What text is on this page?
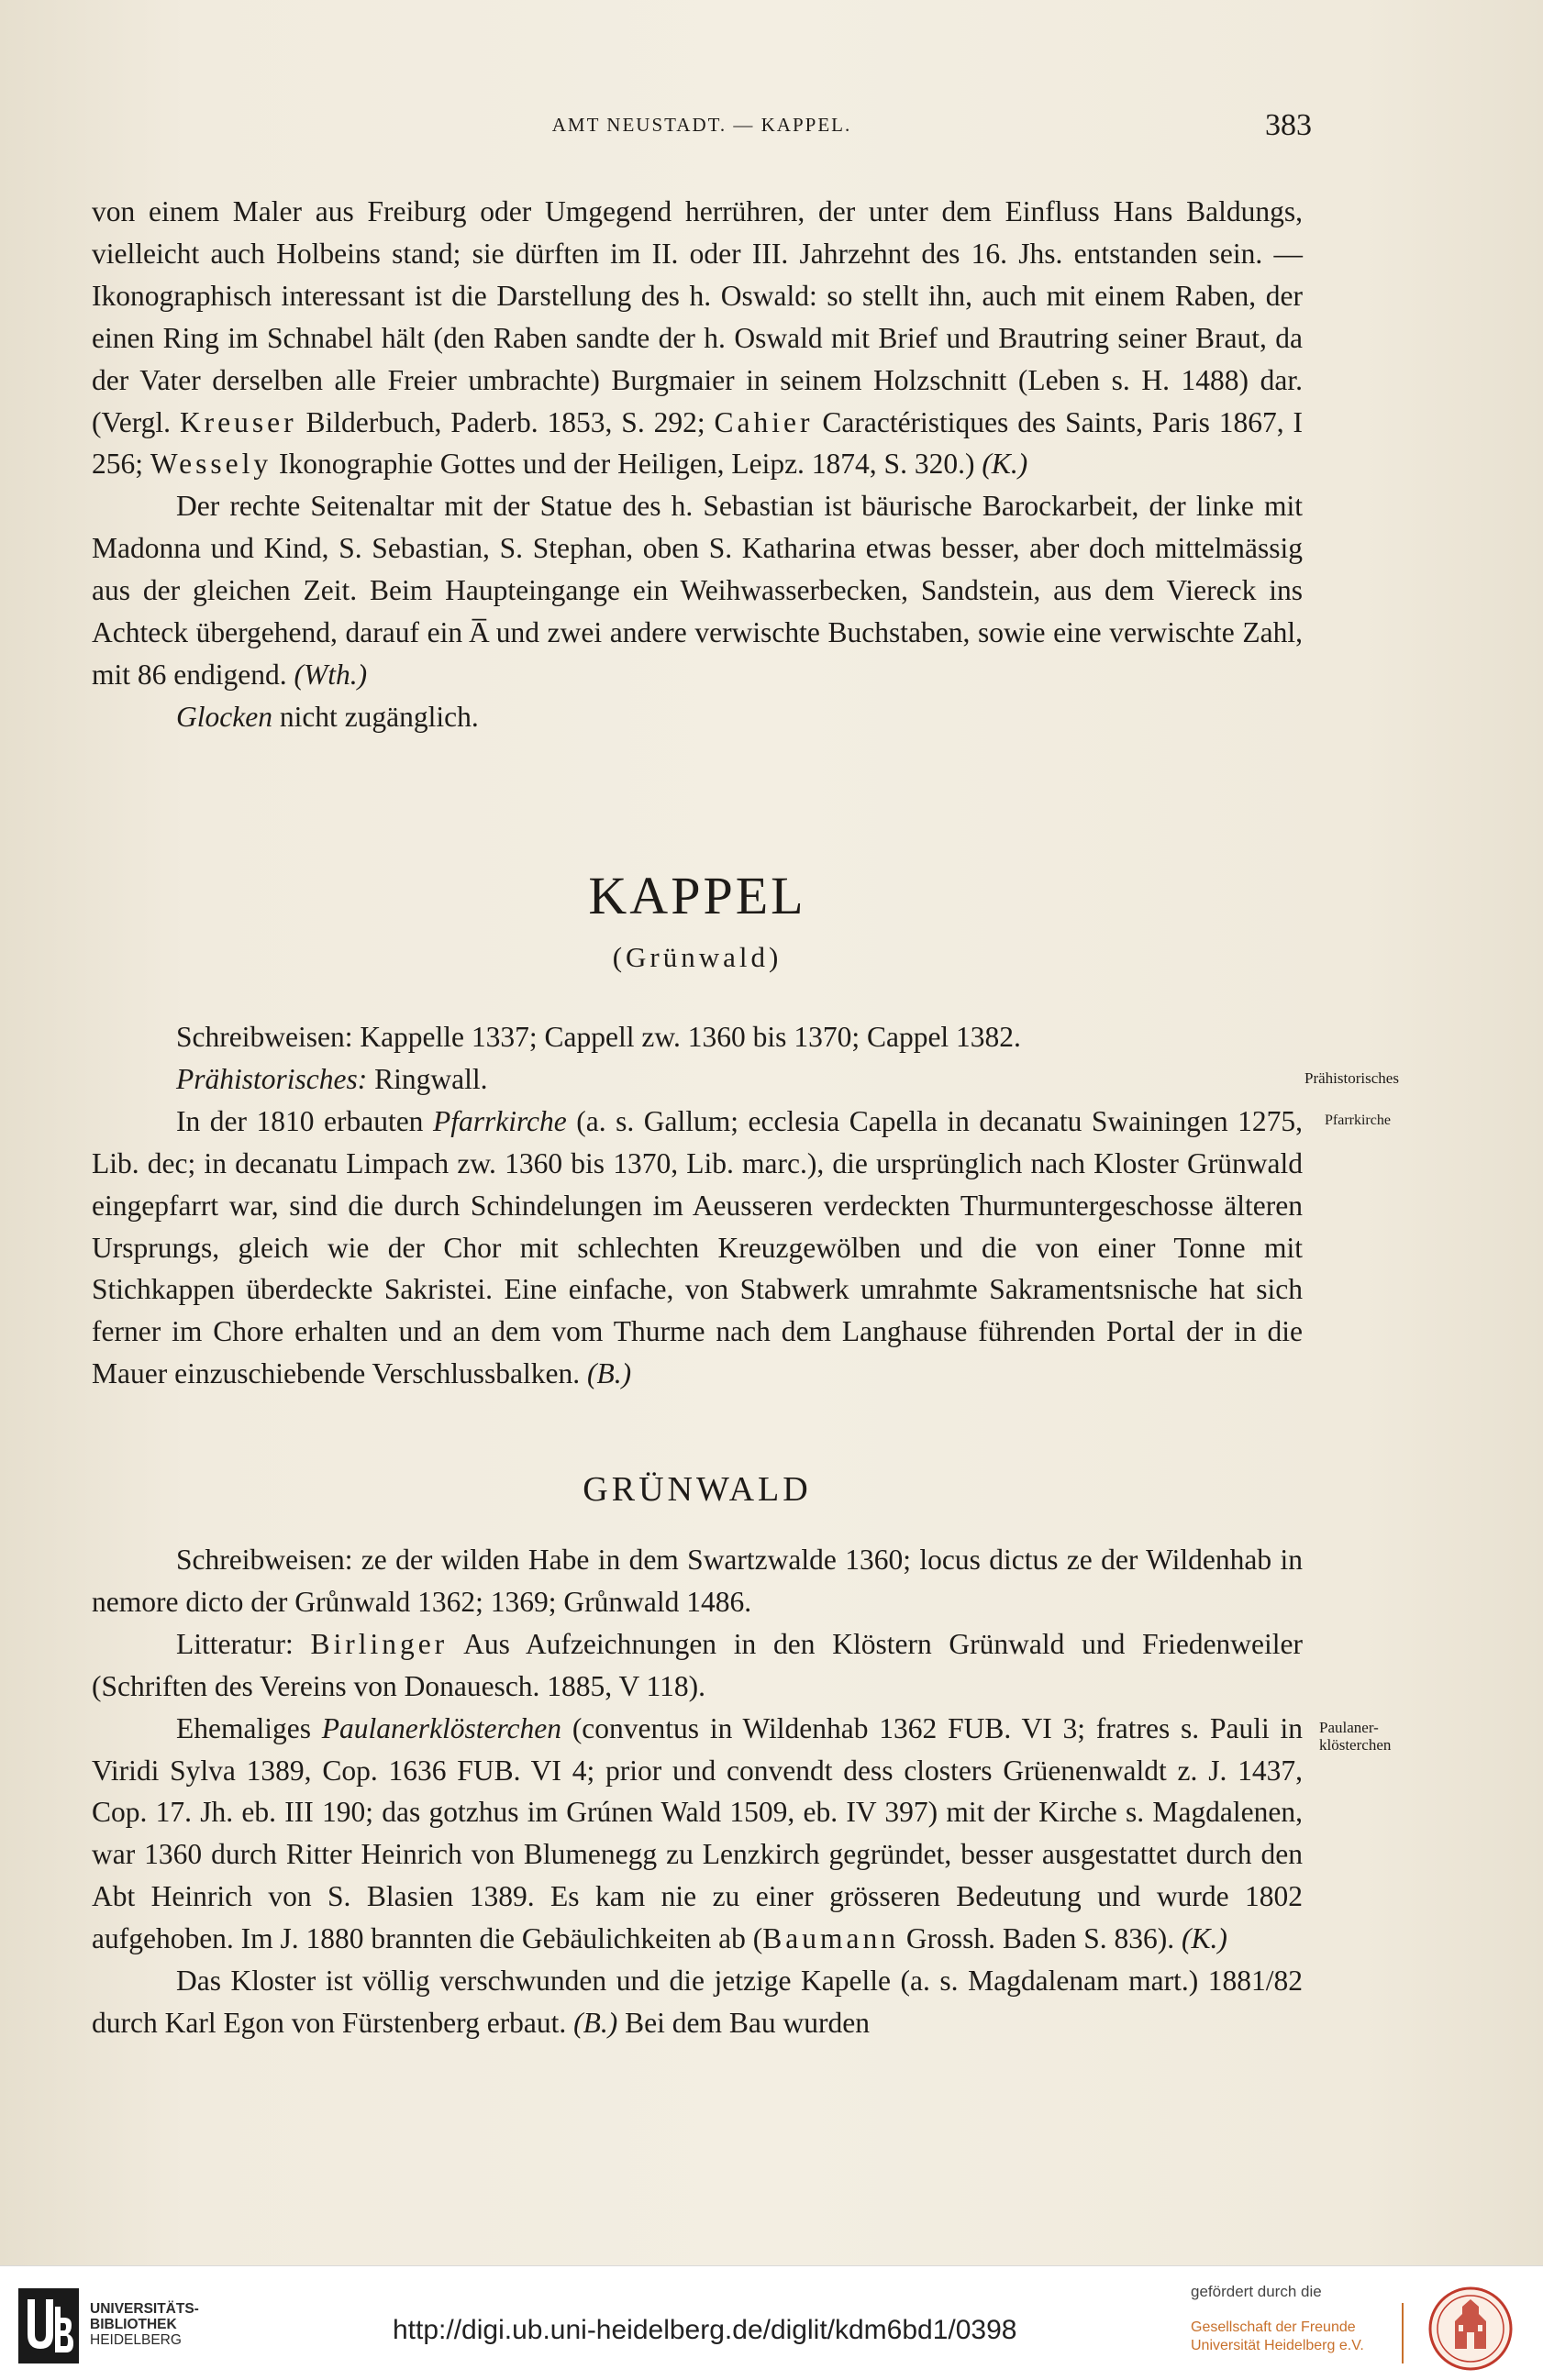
AMT NEUSTADT. — KAPPEL.	383

von einem Maler aus Freiburg oder Umgegend herrühren, der unter dem Einfluss Hans Baldungs, vielleicht auch Holbeins stand; sie dürften im II. oder III. Jahrzehnt des 16. Jhs. entstanden sein. — Ikonographisch interessant ist die Darstellung des h. Oswald: so stellt ihn, auch mit einem Raben, der einen Ring im Schnabel hält (den Raben sandte der h. Oswald mit Brief und Brautring seiner Braut, da der Vater derselben alle Freier umbrachte) Burgmaier in seinem Holzschnitt (Leben s. H. 1488) dar. (Vergl. Kreuser Bilderbuch, Paderb. 1853, S. 292; Cahier Caractéristiques des Saints, Paris 1867, I 256; Wessely Ikonographie Gottes und der Heiligen, Leipz. 1874, S. 320.) (K.)

Der rechte Seitenaltar mit der Statue des h. Sebastian ist bäurische Barockarbeit, der linke mit Madonna und Kind, S. Sebastian, S. Stephan, oben S. Katharina etwas besser, aber doch mittelmässig aus der gleichen Zeit. Beim Haupteingange ein Weihwasserbecken, Sandstein, aus dem Viereck ins Achteck übergehend, darauf ein A̅ und zwei andere verwischte Buchstaben, sowie eine verwischte Zahl, mit 86 endigend. (Wth.)

Glocken nicht zugänglich.

KAPPEL
(Grünwald)

Schreibweisen: Kappelle 1337; Cappell zw. 1360 bis 1370; Cappel 1382.

Prähistorisches: Ringwall.

In der 1810 erbauten Pfarrkirche (a. s. Gallum; ecclesia Capella in decanatu Swainingen 1275, Lib. dec; in decanatu Limpach zw. 1360 bis 1370, Lib. marc.), die ursprünglich nach Kloster Grünwald eingepfarrt war, sind die durch Schindelungen im Aeusseren verdeckten Thurmuntergeschosse älteren Ursprungs, gleich wie der Chor mit schlechten Kreuzgewölben und die von einer Tonne mit Stichkappen überdeckte Sakristei. Eine einfache, von Stabwerk umrahmte Sakramentsnische hat sich ferner im Chore erhalten und an dem vom Thurme nach dem Langhause führenden Portal der in die Mauer einzuschiebende Verschlussbalken. (B.)

GRÜNWALD

Schreibweisen: ze der wilden Habe in dem Swartzwalde 1360; locus dictus ze der Wildenhab in nemore dicto der Grůnwald 1362; 1369; Grůnwald 1486.

Litteratur: Birlinger Aus Aufzeichnungen in den Klöstern Grünwald und Friedenweiler (Schriften des Vereins von Donauesch. 1885, V 118).

Ehemaliges Paulanerklösterchen (conventus in Wildenhab 1362 FUB. VI 3; fratres s. Pauli in Viridi Sylva 1389, Cop. 1636 FUB. VI 4; prior und convendt dess closters Grüenenwaldt z. J. 1437, Cop. 17. Jh. eb. III 190; das gotzhus im Grúnen Wald 1509, eb. IV 397) mit der Kirche s. Magdalenen, war 1360 durch Ritter Heinrich von Blumenegg zu Lenzkirch gegründet, besser ausgestattet durch den Abt Heinrich von S. Blasien 1389. Es kam nie zu einer grösseren Bedeutung und wurde 1802 aufgehoben. Im J. 1880 brannten die Gebäulichkeiten ab (Baumann Grossh. Baden S. 836). (K.)

Das Kloster ist völlig verschwunden und die jetzige Kapelle (a. s. Magdalenam mart.) 1881/82 durch Karl Egon von Fürstenberg erbaut. (B.) Bei dem Bau wurden

Prähistorisches
Pfarrkirche
Paulaner-
klösterchen
UNIVERSITÄTS-
BIBLIOTHEK
HEIDELBERG	http://digi.ub.uni-heidelberg.de/diglit/kdm6bd1/0398
gefördert durch die
Gesellschaft der Freunde
Universität Heidelberg e.V.
